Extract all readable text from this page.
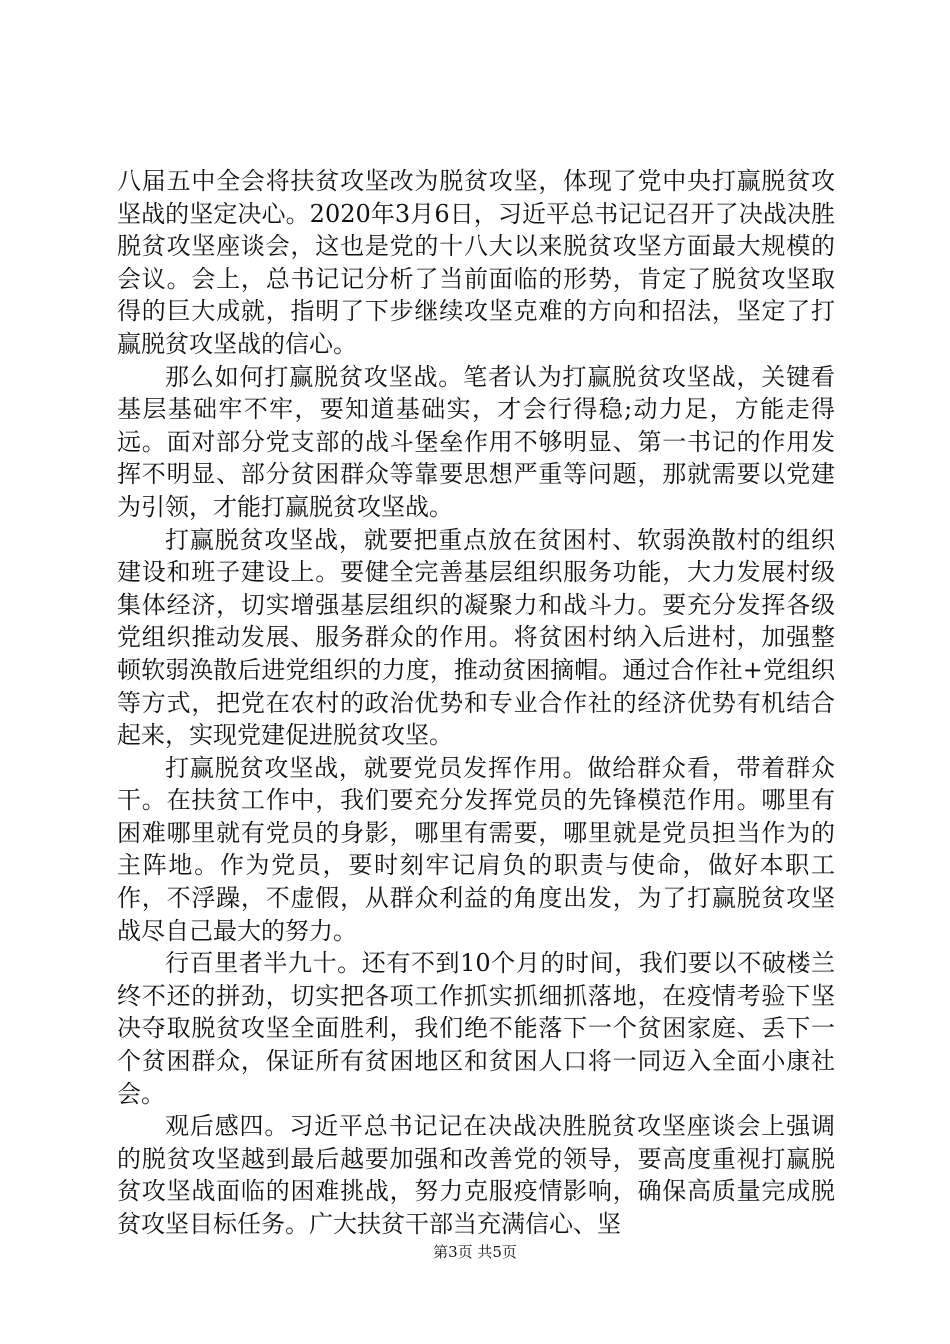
八届五中全会将扶贫攻坚改为脱贫攻坚，体现了党中央打赢脱贫攻坚战的坚定决心。2020年3月6日，习近平总书记记召开了决战决胜脱贫攻坚座谈会，这也是党的十八大以来脱贫攻坚方面最大规模的会议。会上，总书记记分析了当前面临的形势，肯定了脱贫攻坚取得的巨大成就，指明了下步继续攻坚克难的方向和招法，坚定了打赢脱贫攻坚战的信心。

那么如何打赢脱贫攻坚战。笔者认为打赢脱贫攻坚战，关键看基层基础牢不牢，要知道基础实，才会行得稳;动力足，方能走得远。面对部分党支部的战斗堡垒作用不够明显、第一书记的作用发挥不明显、部分贫困群众等靠要思想严重等问题，那就需要以党建为引领，才能打赢脱贫攻坚战。

打赢脱贫攻坚战，就要把重点放在贫困村、软弱涣散村的组织建设和班子建设上。要健全完善基层组织服务功能，大力发展村级集体经济，切实增强基层组织的凝聚力和战斗力。要充分发挥各级党组织推动发展、服务群众的作用。将贫困村纳入后进村，加强整顿软弱涣散后进党组织的力度，推动贫困摘帽。通过合作社+党组织等方式，把党在农村的政治优势和专业合作社的经济优势有机结合起来，实现党建促进脱贫攻坚。

打赢脱贫攻坚战，就要党员发挥作用。做给群众看，带着群众干。在扶贫工作中，我们要充分发挥党员的先锋模范作用。哪里有困难哪里就有党员的身影，哪里有需要，哪里就是党员担当作为的主阵地。作为党员，要时刻牢记肩负的职责与使命，做好本职工作，不浮躁，不虚假，从群众利益的角度出发，为了打赢脱贫攻坚战尽自己最大的努力。

行百里者半九十。还有不到10个月的时间，我们要以不破楼兰终不还的拼劲，切实把各项工作抓实抓细抓落地，在疫情考验下坚决夺取脱贫攻坚全面胜利，我们绝不能落下一个贫困家庭、丢下一个贫困群众，保证所有贫困地区和贫困人口将一同迈入全面小康社会。

观后感四。习近平总书记记在决战决胜脱贫攻坚座谈会上强调的脱贫攻坚越到最后越要加强和改善党的领导，要高度重视打赢脱贫攻坚战面临的困难挑战，努力克服疫情影响，确保高质量完成脱贫攻坚目标任务。广大扶贫干部当充满信心、坚

第3页 共5页
